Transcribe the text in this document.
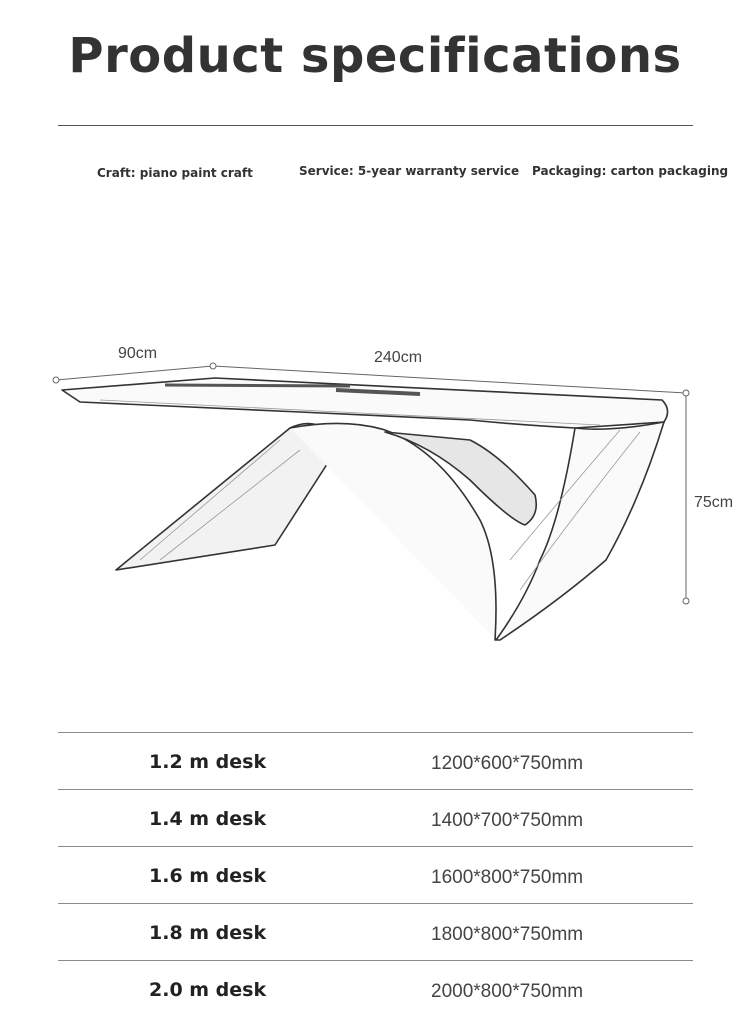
Product specifications
Craft: piano paint craft	Service: 5-year warranty service Packaging: carton packaging
90cm	240cm
75cm
1.2 m desk	1200*600*750mm
1.4 m desk	1400*700*750mm
1.6 m desk	1600*800*750mm
1.8 m desk	1800*800*750mm
2.0 m desk	2000*800*750mm
